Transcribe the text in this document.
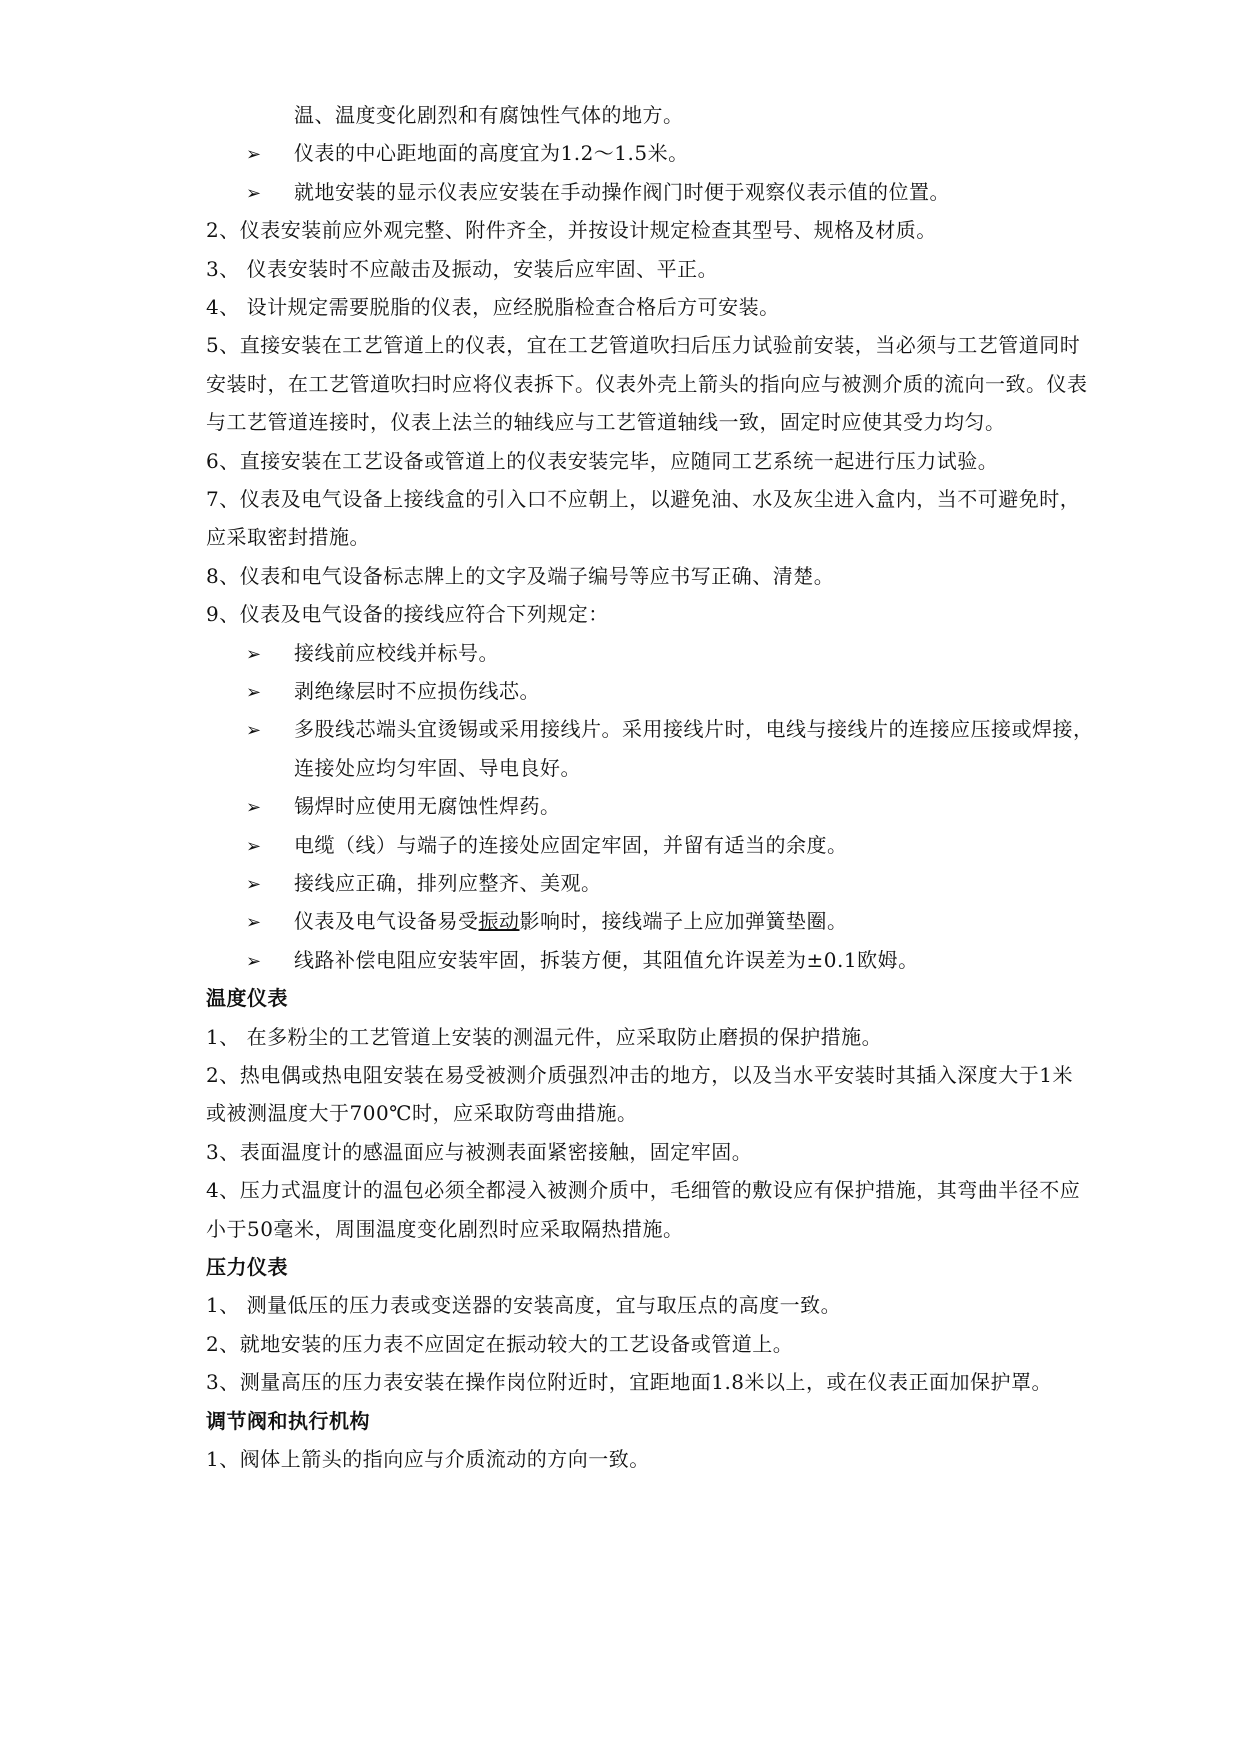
温、温度变化剧烈和有腐蚀性气体的地方。
➢ 仪表的中心距地面的高度宜为1.2～1.5米。
➢ 就地安装的显示仪表应安装在手动操作阀门时便于观察仪表示值的位置。
2、仪表安装前应外观完整、附件齐全，并按设计规定检查其型号、规格及材质。
3、 仪表安装时不应敲击及振动，安装后应牢固、平正。
4、 设计规定需要脱脂的仪表，应经脱脂检查合格后方可安装。
5、直接安装在工艺管道上的仪表，宜在工艺管道吹扫后压力试验前安装，当必须与工艺管道同时
安装时，在工艺管道吹扫时应将仪表拆下。仪表外壳上箭头的指向应与被测介质的流向一致。仪表
与工艺管道连接时，仪表上法兰的轴线应与工艺管道轴线一致，固定时应使其受力均匀。
6、直接安装在工艺设备或管道上的仪表安装完毕，应随同工艺系统一起进行压力试验。
7、仪表及电气设备上接线盒的引入口不应朝上，以避免油、水及灰尘进入盒内，当不可避免时，
应采取密封措施。
8、仪表和电气设备标志牌上的文字及端子编号等应书写正确、清楚。
9、仪表及电气设备的接线应符合下列规定：
➢ 接线前应校线并标号。
➢ 剥绝缘层时不应损伤线芯。
➢ 多股线芯端头宜烫锡或采用接线片。采用接线片时，电线与接线片的连接应压接或焊接，
连接处应均匀牢固、导电良好。
➢ 锡焊时应使用无腐蚀性焊药。
➢ 电缆（线）与端子的连接处应固定牢固，并留有适当的余度。
➢ 接线应正确，排列应整齐、美观。
➢ 仪表及电气设备易受振动影响时，接线端子上应加弹簧垫圈。
➢ 线路补偿电阻应安装牢固，拆装方便，其阻值允许误差为±0.1欧姆。
温度仪表
1、 在多粉尘的工艺管道上安装的测温元件，应采取防止磨损的保护措施。
2、热电偶或热电阻安装在易受被测介质强烈冲击的地方，以及当水平安装时其插入深度大于1米
或被测温度大于700℃时，应采取防弯曲措施。
3、表面温度计的感温面应与被测表面紧密接触，固定牢固。
4、压力式温度计的温包必须全都浸入被测介质中，毛细管的敷设应有保护措施，其弯曲半径不应
小于50毫米，周围温度变化剧烈时应采取隔热措施。
压力仪表
1、 测量低压的压力表或变送器的安装高度，宜与取压点的高度一致。
2、就地安装的压力表不应固定在振动较大的工艺设备或管道上。
3、测量高压的压力表安装在操作岗位附近时，宜距地面1.8米以上，或在仪表正面加保护罩。
调节阀和执行机构
1、阀体上箭头的指向应与介质流动的方向一致。
